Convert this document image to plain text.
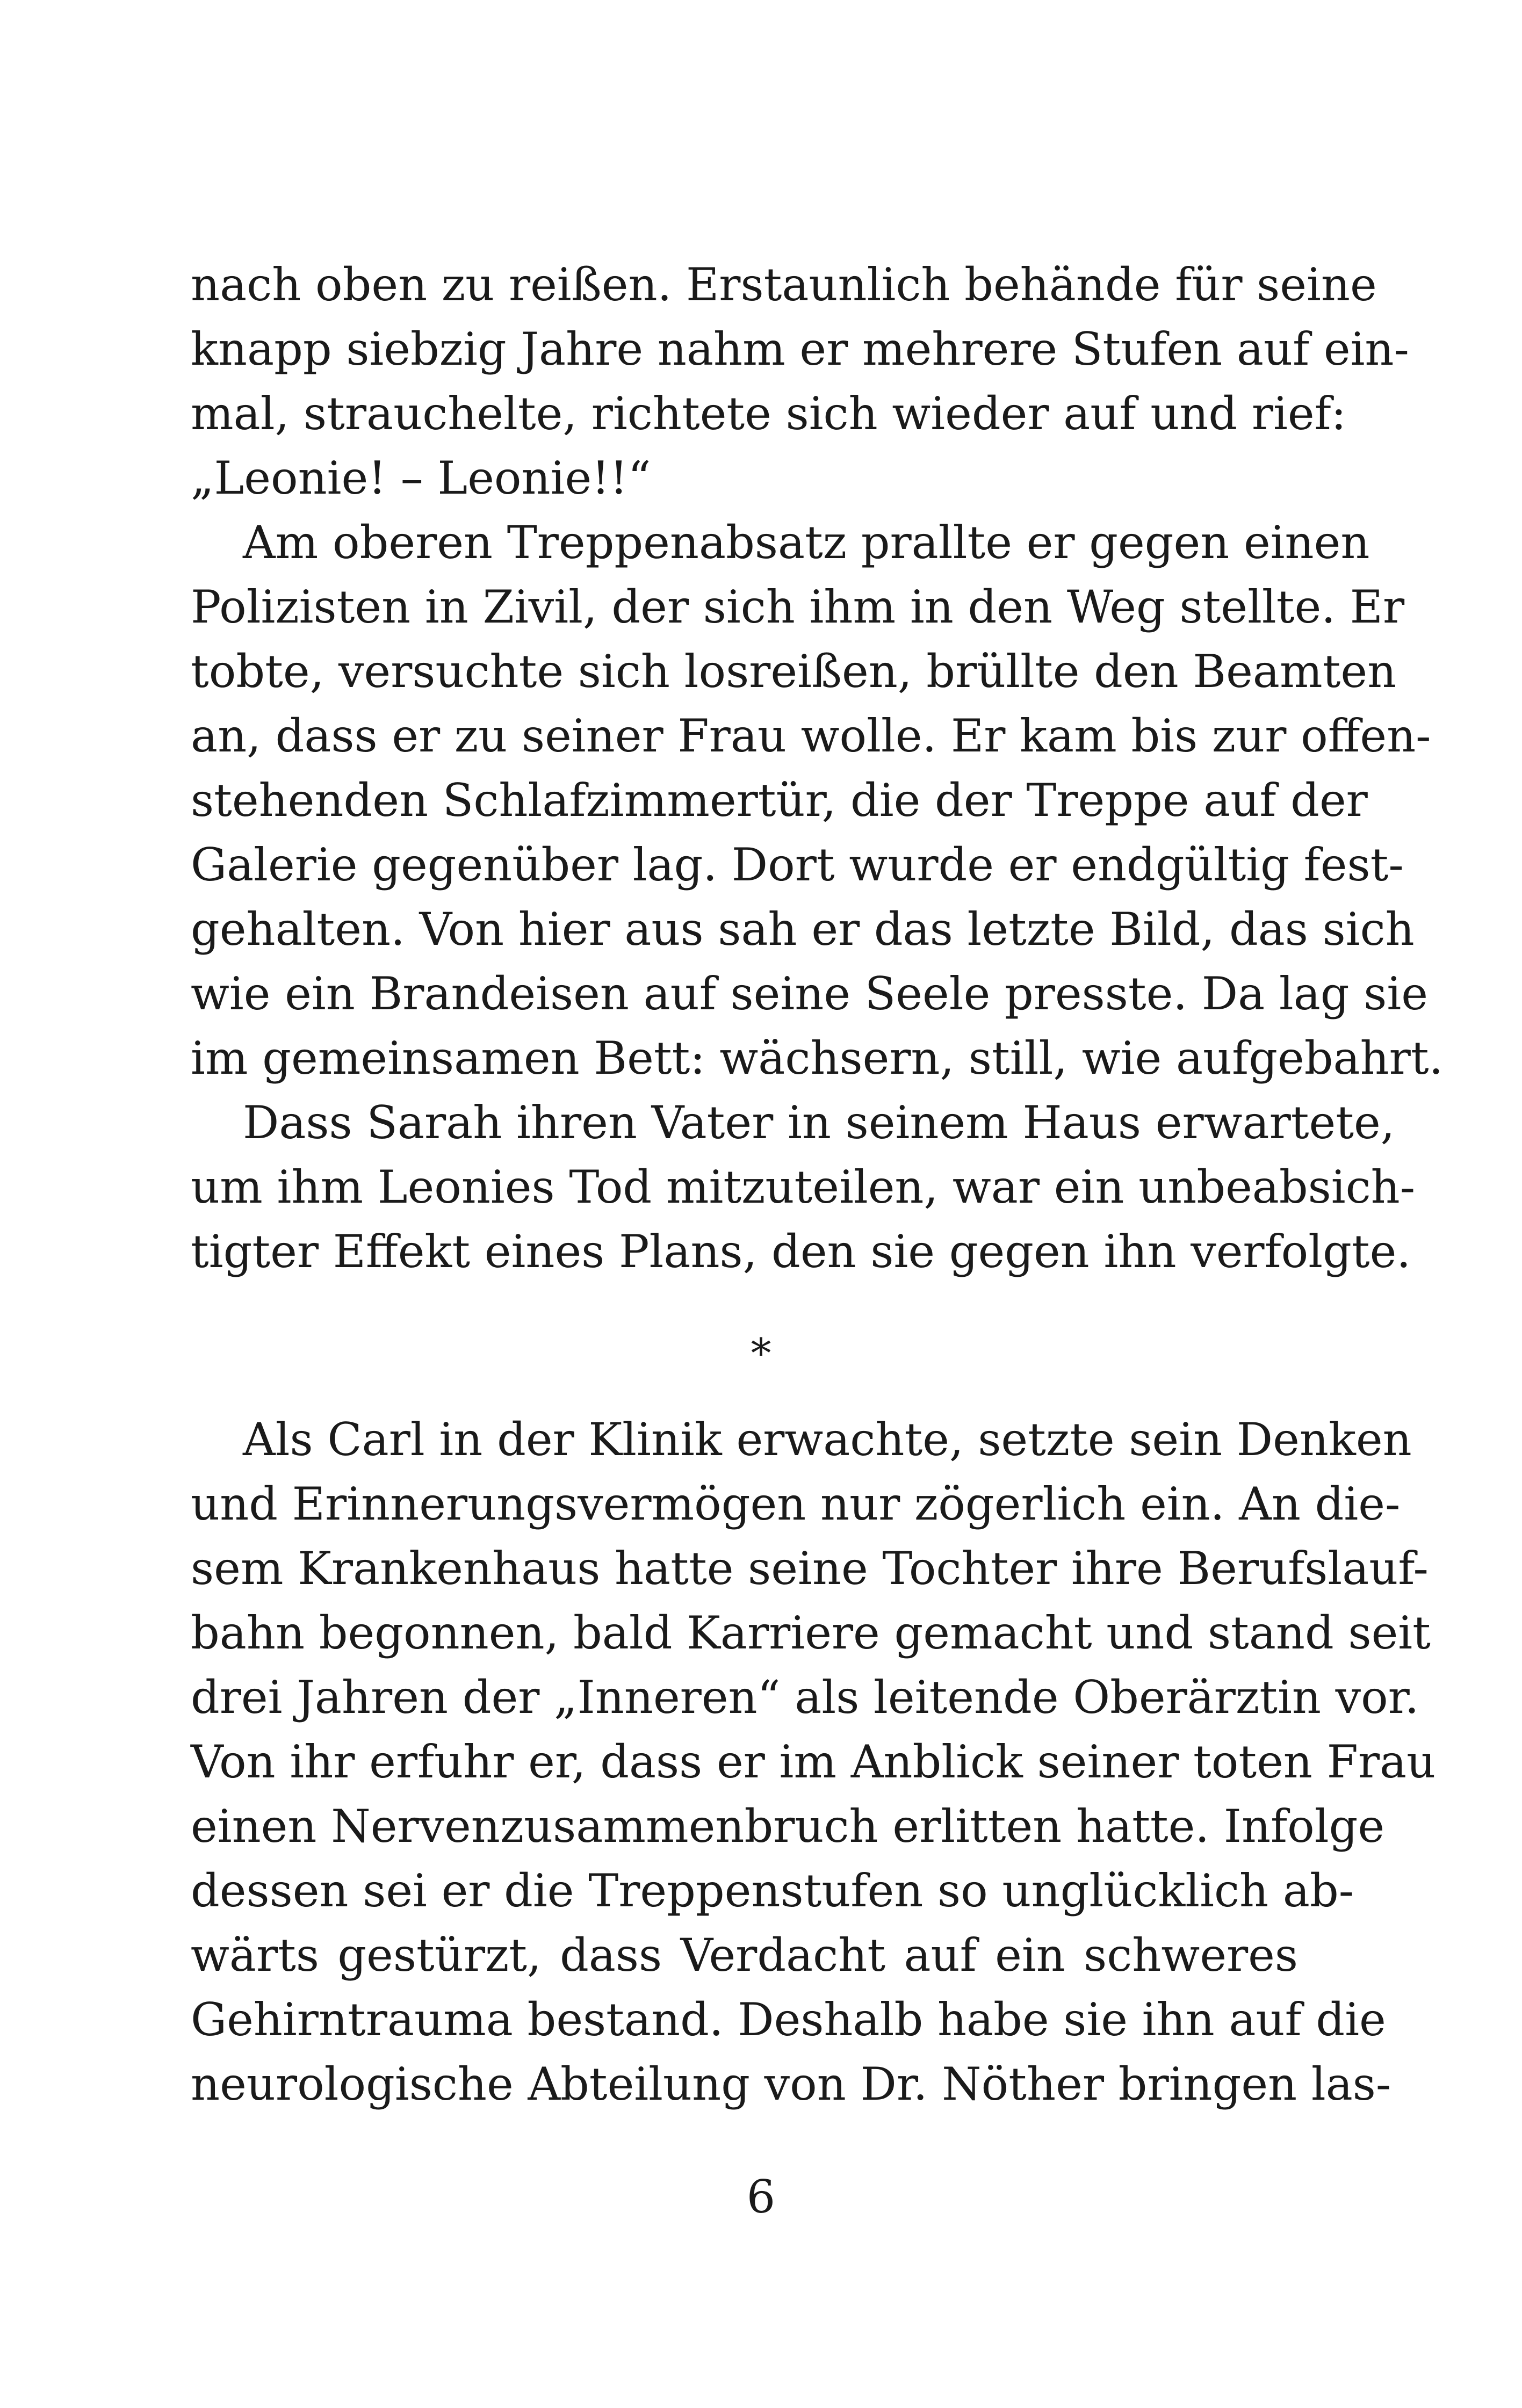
nach oben zu reißen. Erstaunlich behände für seine
knapp siebzig Jahre nahm er mehrere Stufen auf ein-
mal, strauchelte, richtete sich wieder auf und rief:
„Leonie! – Leonie!!“
Am oberen Treppenabsatz prallte er gegen einen
Polizisten in Zivil, der sich ihm in den Weg stellte. Er
tobte, versuchte sich losreißen, brüllte den Beamten
an, dass er zu seiner Frau wolle. Er kam bis zur offen-
stehenden Schlafzimmertür, die der Treppe auf der
Galerie gegenüber lag. Dort wurde er endgültig fest-
gehalten. Von hier aus sah er das letzte Bild, das sich
wie ein Brandeisen auf seine Seele presste. Da lag sie
im gemeinsamen Bett: wächsern, still, wie aufgebahrt.
Dass Sarah ihren Vater in seinem Haus erwartete,
um ihm Leonies Tod mitzuteilen, war ein unbeabsich-
tigter Effekt eines Plans, den sie gegen ihn verfolgte.
*
Als Carl in der Klinik erwachte, setzte sein Denken
und Erinnerungsvermögen nur zögerlich ein. An die-
sem Krankenhaus hatte seine Tochter ihre Berufslauf-
bahn begonnen, bald Karriere gemacht und stand seit
drei Jahren der „Inneren“ als leitende Oberärztin vor.
Von ihr erfuhr er, dass er im Anblick seiner toten Frau
einen Nervenzusammenbruch erlitten hatte. Infolge
dessen sei er die Treppenstufen so unglücklich ab-
wärts gestürzt, dass Verdacht auf ein schweres
Gehirntrauma bestand. Deshalb habe sie ihn auf die
neurologische Abteilung von Dr. Nöther bringen las-
6
